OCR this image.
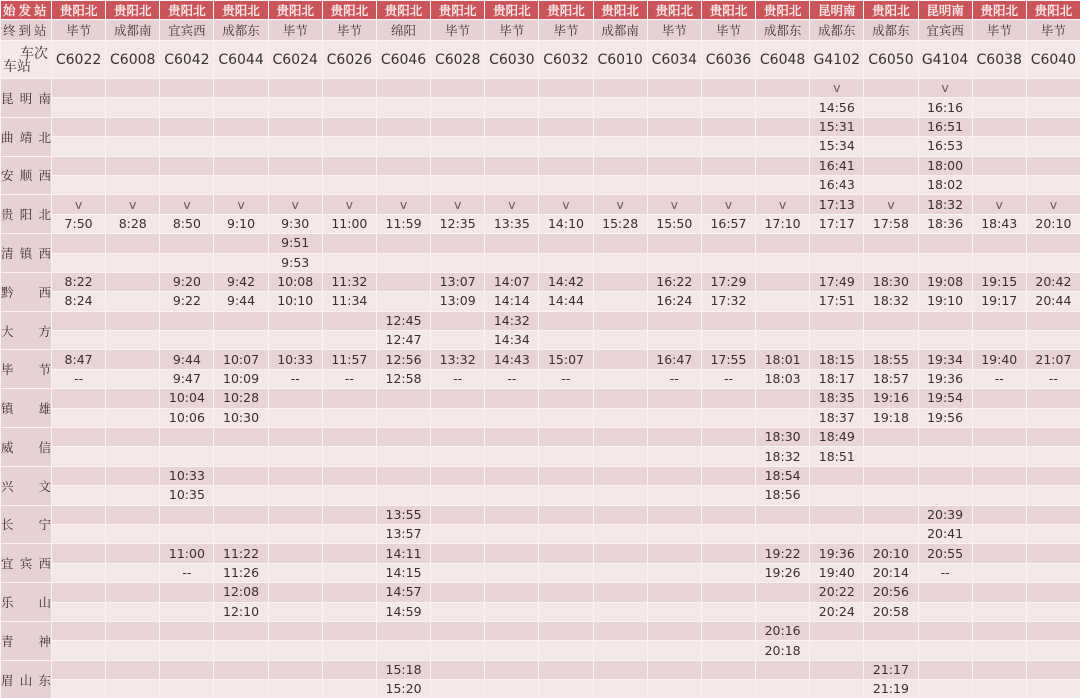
始发站	贵阳北	贵阳北	贵阳北	贵阳北	贵阳北	贵阳北	贵阳北	贵阳北	贵阳北	贵阳北	贵阳北	贵阳北	贵阳北	贵阳北	昆明南	贵阳北	昆明南	贵阳北	贵阳北
终到站	毕节	成都南	宜宾西	成都东	毕节	毕节	绵阳	毕节	毕节	毕节	成都南	毕节	毕节	成都东	成都东	成都东	宜宾西	毕节	毕节

车次
车站	C6022	C6008	C6042	C6044	C6024	C6026	C6046	C6028	C6030	C6032	C6010	C6034	C6036	C6048	G4102	C6050	G4104	C6038	C6040
昆明南															v		v		
															14:56		16:16		
曲靖北															15:31		16:51		
															15:34		16:53		
安顺西															16:41		18:00		
															16:43		18:02		
贵阳北	v	v	v	v	v	v	v	v	v	v	v	v	v	v	17:13	v	18:32	v	v
	7:50	8:28	8:50	9:10	9:30	11:00	11:59	12:35	13:35	14:10	15:28	15:50	16:57	17:10	17:17	17:58	18:36	18:43	20:10
清镇西					9:51														
					9:53														
黔西	8:22		9:20	9:42	10:08	11:32		13:07	14:07	14:42		16:22	17:29		17:49	18:30	19:08	19:15	20:42
	8:24		9:22	9:44	10:10	11:34		13:09	14:14	14:44		16:24	17:32		17:51	18:32	19:10	19:17	20:44
大方							12:45		14:32										
							12:47		14:34										
毕节	8:47		9:44	10:07	10:33	11:57	12:56	13:32	14:43	15:07		16:47	17:55	18:01	18:15	18:55	19:34	19:40	21:07
	--		9:47	10:09	--	--	12:58	--	--	--		--	--	18:03	18:17	18:57	19:36	--	--
镇雄			10:04	10:28											18:35	19:16	19:54		
			10:06	10:30											18:37	19:18	19:56		
威信														18:30	18:49				
														18:32	18:51				
兴文			10:33											18:54					
			10:35											18:56					
长宁							13:55										20:39		
							13:57										20:41		
宜宾西			11:00	11:22			14:11							19:22	19:36	20:10	20:55		
			--	11:26			14:15							19:26	19:40	20:14	--		
乐山				12:08			14:57								20:22	20:56			
				12:10			14:59								20:24	20:58			
青神														20:16					
														20:18					
眉山东							15:18									21:17			
							15:20									21:19			
